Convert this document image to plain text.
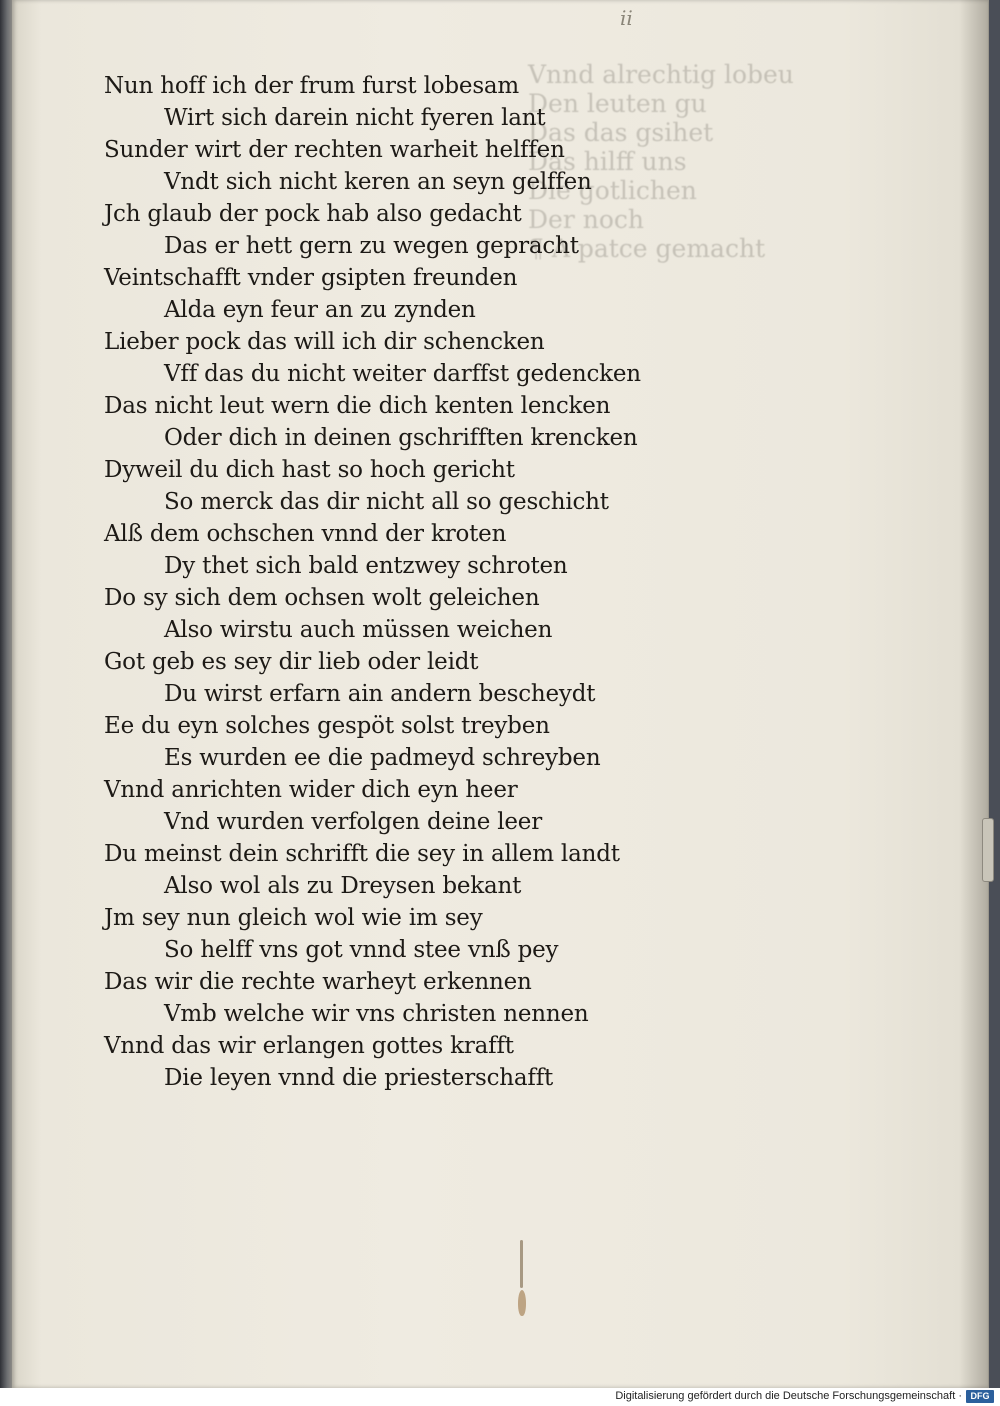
ii
Vnnd alrechtig lobeu
Den leuten gu
Das das gsihet
Das hilff uns
Die gotlichen
Der noch
¶ A patce gemacht
Nun hoff ich der frum furst lobesam
Wirt sich darein nicht fyeren lant
Sunder wirt der rechten warheit helffen
Vndt sich nicht keren an seyn gelffen
Jch glaub der pock hab also gedacht
Das er hett gern zu wegen gepracht
Veintschafft vnder gsipten freunden
Alda eyn feur an zu zynden
Lieber pock das will ich dir schencken
Vff das du nicht weiter darffst gedencken
Das nicht leut wern die dich kenten lencken
Oder dich in deinen gschrifften krencken
Dyweil du dich hast so hoch gericht
So merck das dir nicht all so geschicht
Alß dem ochschen vnnd der kroten
Dy thet sich bald entzwey schroten
Do sy sich dem ochsen wolt geleichen
Also wirstu auch müssen weichen
Got geb es sey dir lieb oder leidt
Du wirst erfarn ain andern bescheydt
Ee du eyn solches gespöt solst treyben
Es wurden ee die padmeyd schreyben
Vnnd anrichten wider dich eyn heer
Vnd wurden verfolgen deine leer
Du meinst dein schrifft die sey in allem landt
Also wol als zu Dreysen bekant
Jm sey nun gleich wol wie im sey
So helff vns got vnnd stee vnß pey
Das wir die rechte warheyt erkennen
Vmb welche wir vns christen nennen
Vnnd das wir erlangen gottes krafft
Die leyen vnnd die priesterschafft
Digitalisierung gefördert durch die Deutsche Forschungsgemeinschaft · DFG
